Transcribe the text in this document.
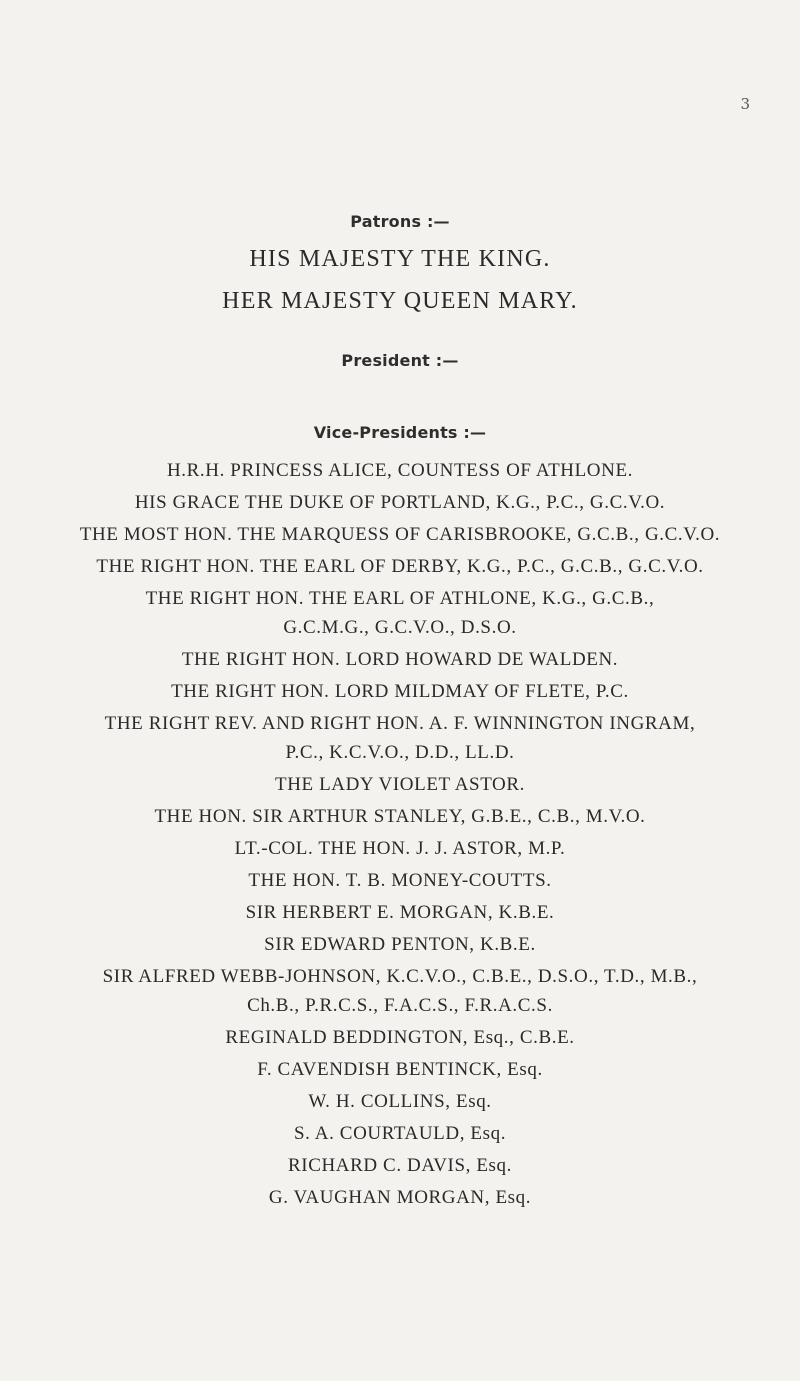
3
Patrons :—
HIS MAJESTY THE KING.
HER MAJESTY QUEEN MARY.
President :—
Vice-Presidents :—
H.R.H. PRINCESS ALICE, COUNTESS OF ATHLONE.
HIS GRACE THE DUKE OF PORTLAND, K.G., P.C., G.C.V.O.
THE MOST HON. THE MARQUESS OF CARISBROOKE, G.C.B., G.C.V.O.
THE RIGHT HON. THE EARL OF DERBY, K.G., P.C., G.C.B., G.C.V.O.
THE RIGHT HON. THE EARL OF ATHLONE, K.G., G.C.B.,
G.C.M.G., G.C.V.O., D.S.O.
THE RIGHT HON. LORD HOWARD DE WALDEN.
THE RIGHT HON. LORD MILDMAY OF FLETE, P.C.
THE RIGHT REV. AND RIGHT HON. A. F. WINNINGTON INGRAM,
P.C., K.C.V.O., D.D., LL.D.
THE LADY VIOLET ASTOR.
THE HON. SIR ARTHUR STANLEY, G.B.E., C.B., M.V.O.
LT.-COL. THE HON. J. J. ASTOR, M.P.
THE HON. T. B. MONEY-COUTTS.
SIR HERBERT E. MORGAN, K.B.E.
SIR EDWARD PENTON, K.B.E.
SIR ALFRED WEBB-JOHNSON, K.C.V.O., C.B.E., D.S.O., T.D., M.B.,
Ch.B., P.R.C.S., F.A.C.S., F.R.A.C.S.
REGINALD BEDDINGTON, Esq., C.B.E.
F. CAVENDISH BENTINCK, Esq.
W. H. COLLINS, Esq.
S. A. COURTAULD, Esq.
RICHARD C. DAVIS, Esq.
G. VAUGHAN MORGAN, Esq.
